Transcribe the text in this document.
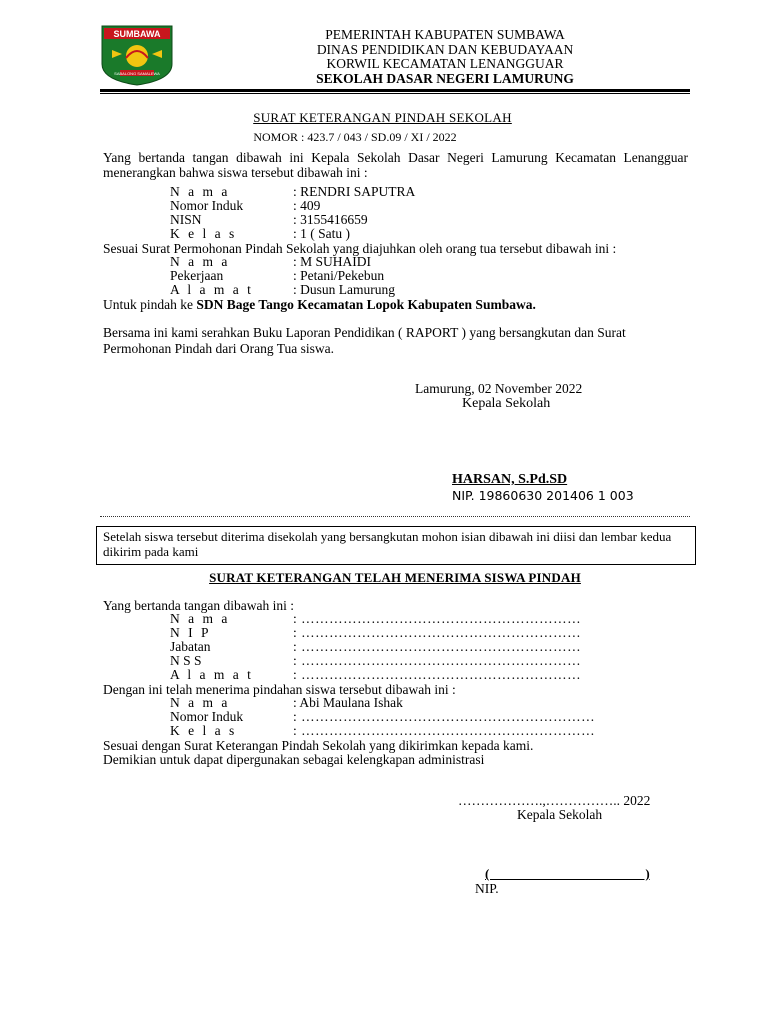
SUMBAWA
SABALONG SAMALEWA
PEMERINTAH KABUPATEN SUMBAWA
DINAS PENDIDIKAN DAN KEBUDAYAAN
KORWIL KECAMATAN LENANGGUAR
SEKOLAH DASAR NEGERI LAMURUNG
SURAT KETERANGAN PINDAH SEKOLAH
NOMOR : 423.7 / 043 / SD.09 / XI / 2022
Yang bertanda tangan dibawah ini Kepala Sekolah Dasar Negeri Lamurung Kecamatan Lenangguar menerangkan bahwa siswa tersebut dibawah ini :
N a m a	: RENDRI SAPUTRA
Nomor Induk	: 409
NISN	: 3155416659
K e l a s	: 1 ( Satu )
Sesuai Surat Permohonan Pindah Sekolah yang diajuhkan oleh orang tua tersebut dibawah ini :
N a m a	: M SUHAIDI
Pekerjaan	: Petani/Pekebun
A l a m a t	: Dusun Lamurung
Untuk pindah ke SDN Bage Tango Kecamatan Lopok Kabupaten Sumbawa.
Bersama ini kami serahkan Buku Laporan Pendidikan ( RAPORT ) yang bersangkutan dan Surat
Permohonan Pindah dari Orang Tua siswa.
Lamurung, 02 November 2022
Kepala Sekolah
HARSAN, S.Pd.SD
NIP. 19860630 201406 1 003
Setelah siswa tersebut diterima disekolah yang bersangkutan mohon isian dibawah ini diisi dan lembar kedua dikirim pada kami
SURAT KETERANGAN TELAH MENERIMA SISWA PINDAH
Yang bertanda tangan dibawah ini :
N a m a	: ……………………………………………………
N I P	: ……………………………………………………
Jabatan	: ……………………………………………………
N S S	: ……………………………………………………
A l a m a t	: ……………………………………………………
Dengan ini telah menerima pindahan siswa tersebut dibawah ini :
N a m a	: Abi Maulana Ishak
Nomor Induk	: ………………………………………………………
K e l a s	: ………………………………………………………
Sesuai dengan Surat Keterangan Pindah Sekolah yang dikirimkan kepada kami.
Demikian untuk dapat dipergunakan sebagai kelengkapan administrasi
……………….,…………….. 2022
Kepala Sekolah
(                                                )
NIP.
